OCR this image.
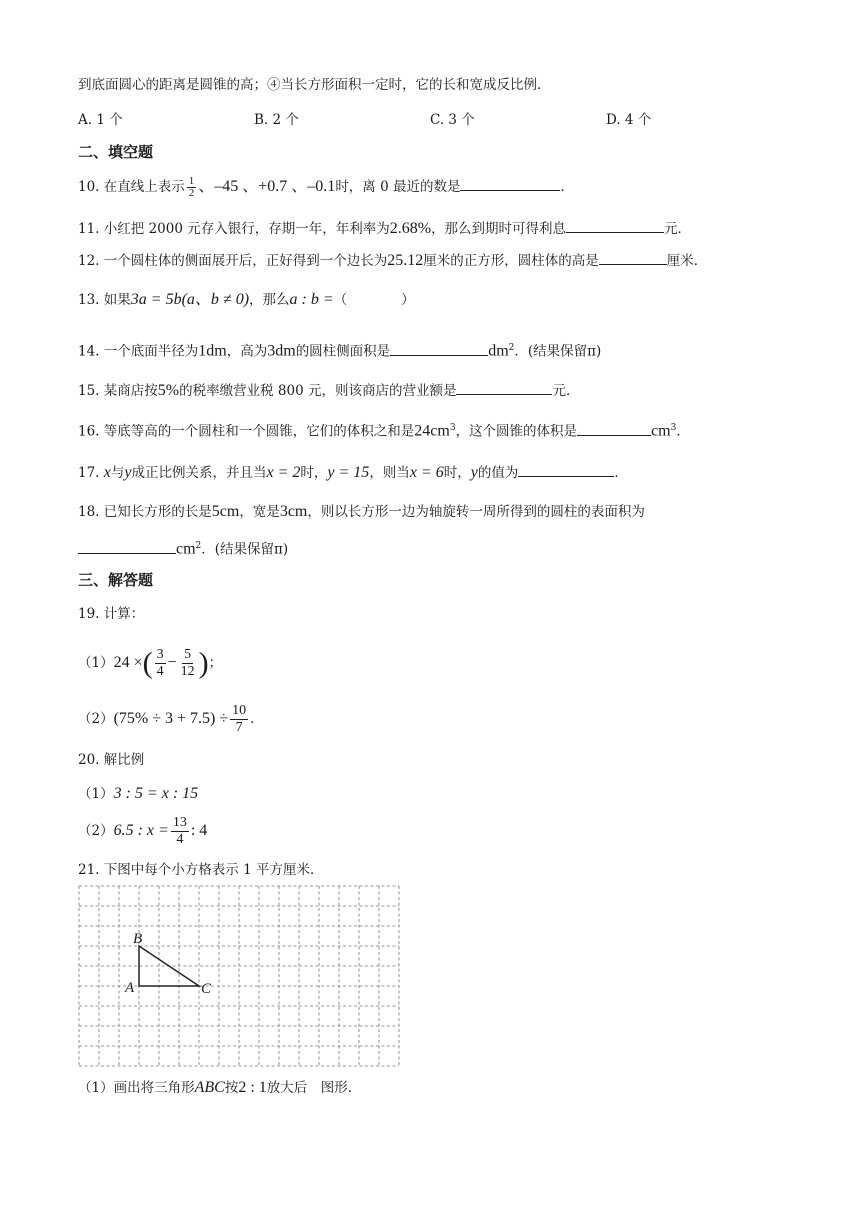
到底面圆心的距离是圆锥的高；④当长方形面积一定时，它的长和宽成反比例．
A. 1 个	B. 2 个	C. 3 个	D. 4 个
二、填空题
10. 在直线上表示 $\frac{1}{2}$ 、–45 、+0.7 、–0.1时，离 0 最近的数是	．
11. 小红把 2000 元存入银行，存期一年，年利率为2.68%，那么到期时可得利息	元．
12. 一个圆柱体的侧面展开后，正好得到一个边长为25.12厘米的正方形，圆柱体的高是	厘米．
13. 如果3a = 5b(a、b ≠ 0)，那么a : b =（　　　　）
14. 一个底面半径为1dm，高为3dm的圆柱侧面积是	$dm^2$．(结果保留π)
15. 某商店按5%的税率缴营业税 800 元，则该商店的营业额是	元．
16. 等底等高的一个圆柱和一个圆锥，它们的体积之和是$24cm^3$，这个圆锥的体积是	$cm^3$．
17. x与y成正比例关系，并且当x = 2时，y = 15，则当x = 6时，y的值为	．
18. 已知长方形的长是5cm，宽是3cm，则以长方形一边为轴旋转一周所得到的圆柱的表面积为
$cm^2$．(结果保留π)
三、解答题
19. 计算：
（1）24 ×( $\frac{3}{4} - \frac{5}{12}$ )；
$(2)(75\% \div 3 + 7.5) \div \frac{10}{7}$ ．
20. 解比例
（1）3 : 5 = x : 15
（2）6.5 : $x = \frac{13}{4}$ : 4
21. 下图中每个小方格表示 1 平方厘米．
B
A	C
（1）画出将三角形ABC按2 : 1放大后　图形．
